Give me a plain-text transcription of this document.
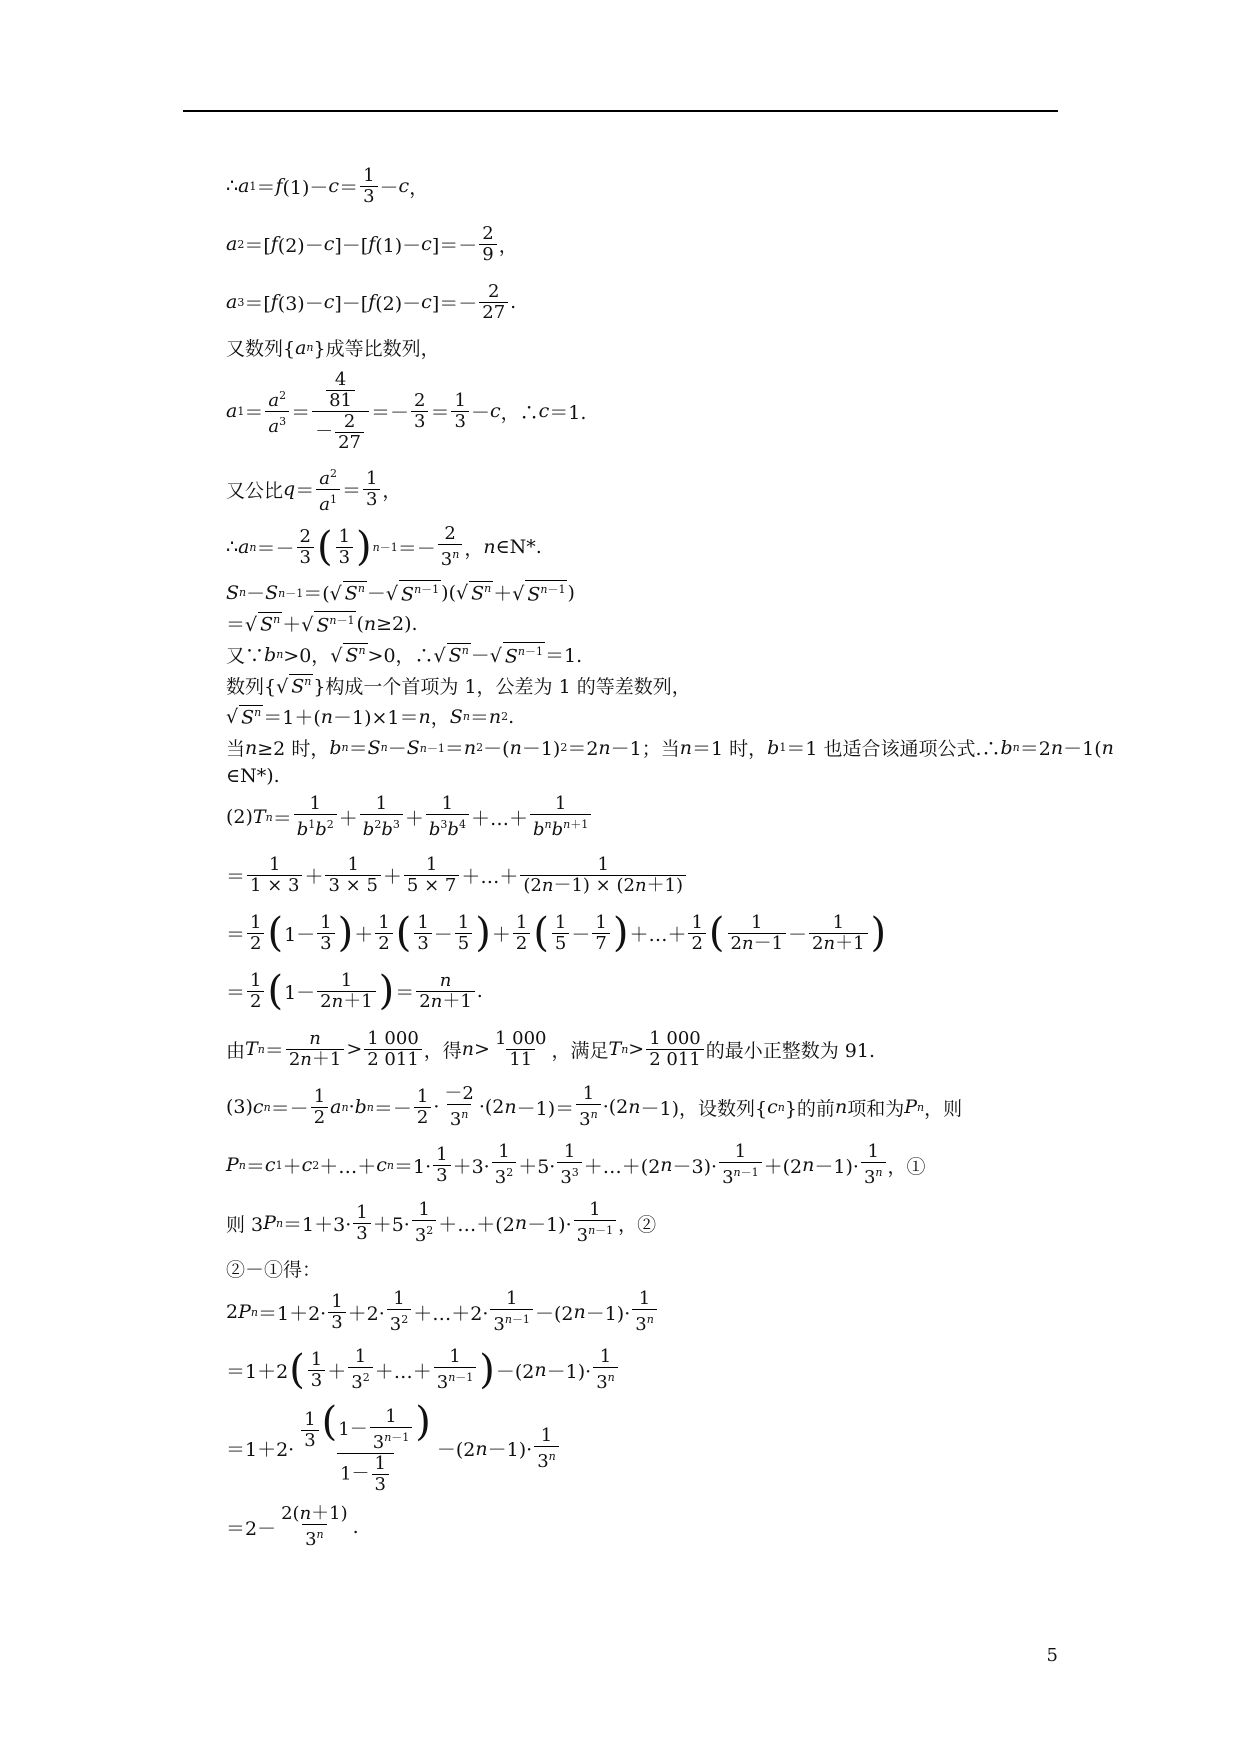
∴ a 1 ＝ f $(1)- c = \frac{1}{3} - c$ ，
a 2 ＝[ f (2)－ c ]－[ f (1)－ c ]＝－ $\frac{2}{9}$ ，
a 3 ＝[ f (3)－ c ]－[ f (2)－ c ]＝－ $\frac{2}{27}$ .
又数列{ a n }成等比数列，
a $1 = \frac{a^2}{a^3} = \frac{\frac{4}{81}}{- \frac{2}{27}} =- \frac{2}{3} = \frac{1}{3} - c$ ，∴ c ＝1.
又公比 $q = \frac{a^2}{a^1} = \frac{1}{3}$ ，
∴ a $n =- \frac{2}{3}$ ( $\frac{1}{3}$ ) $n-1 =- \frac{2}{3^n}$ ， n ∈N*.
S n － S n－1 ＝(√ $S^n$ －√ $S^{n-1}$ )(√ $S^n$ ＋√ $S^{n-1}$ )
＝√ $S^n$ ＋√ $S^{n-1}$ ( n ≥2).
又∵ b n >0，√ $S^n >0$，∴√ $S^n$ －√ $S^{n-1} =1$.
数列{√ $S^n$ }构成一个首项为 1，公差为 1 的等差数列，
√ $S^n =1+$( n －1)×1＝ n ， S n ＝ n 2 .
当 n ≥2 时， b n ＝ S n － S n－1 ＝ n 2 －( n －1) 2 ＝2 n －1；当 n ＝1 时， b 1 ＝1 也适合该通项公式.∴ b n ＝2 n －1( n
∈N*).
(2) T $n = \frac{1}{b^1b^2} + \frac{1}{b^2b^3} + \frac{1}{b^3b^4}$ ＋…＋ $\frac{1}{b^nb^{n+1}}$
＝ $\frac{1}{1 \times 3} + \frac{1}{3 \times 5} + \frac{1}{5 \times 7}$ ＋…＋ $\frac{1}{(2n-1) \times (2n+1)}$
＝ $\frac{1}{2}$ ( $1- \frac{1}{3}$ ) ＋ $\frac{1}{2}$ ( $\frac{1}{3} - \frac{1}{5}$ ) ＋ $\frac{1}{2}$ ( $\frac{1}{5} - \frac{1}{7}$ ) ＋…＋ $\frac{1}{2}$ ( $\frac{1}{2n-1} - \frac{1}{2n+1}$ )
＝ $\frac{1}{2}$ ( $1- \frac{1}{2n+1}$ ) ＝ $\frac{n}{2n+1}$ .
由 T $n = \frac{n}{2n+1} > \frac{1 000}{2 011}$ ，得 $n > \frac{1 000}{11}$ ，满足 T $n > \frac{1 000}{2 011}$ 的最小正整数为 91.
(3) c $n =- \frac{1}{2}$ a n · b $n =- \frac{1}{2} \cdot \frac{-2}{3^n} \cdot(2$ $n -1)= \frac{1}{3^n} \cdot(2$ n －1)，设数列{ c n }的前 n 项和为 P n ，则
P n ＝ c 1 ＋ c 2 ＋…＋ c $n =1\cdot \frac{1}{3} +3\cdot \frac{1}{3^2} +5\cdot \frac{1}{3^3}$ ＋…＋(2 $n -3)\cdot \frac{1}{3^{n-1}} +(2$ $n -1)\cdot \frac{1}{3^n}$ ，①
则 3 P $n =1+3\cdot \frac{1}{3} +5\cdot \frac{1}{3^2}$ ＋…＋(2 $n -1)\cdot \frac{1}{3^{n-1}}$ ，②
②－①得：
2 P $n =1+2\cdot \frac{1}{3} +2\cdot \frac{1}{3^2}$ ＋…＋2· $\frac{1}{3^{n-1}} -(2$ $n -1)\cdot \frac{1}{3^n}$
＝1＋2 ( $\frac{1}{3} + \frac{1}{3^2}$ ＋…＋ $\frac{1}{3^{n-1}}$ ) －(2 $n -1)\cdot \frac{1}{3^n}$
$=1+2\cdot \frac{\frac{1}{3} (1- \frac{1}{3^{n-1}} )}{1- \frac{1}{3}} -(2$ $n -1)\cdot \frac{1}{3^n}$
$=2- \frac{2(n+1)}{3^n}$ .
5
